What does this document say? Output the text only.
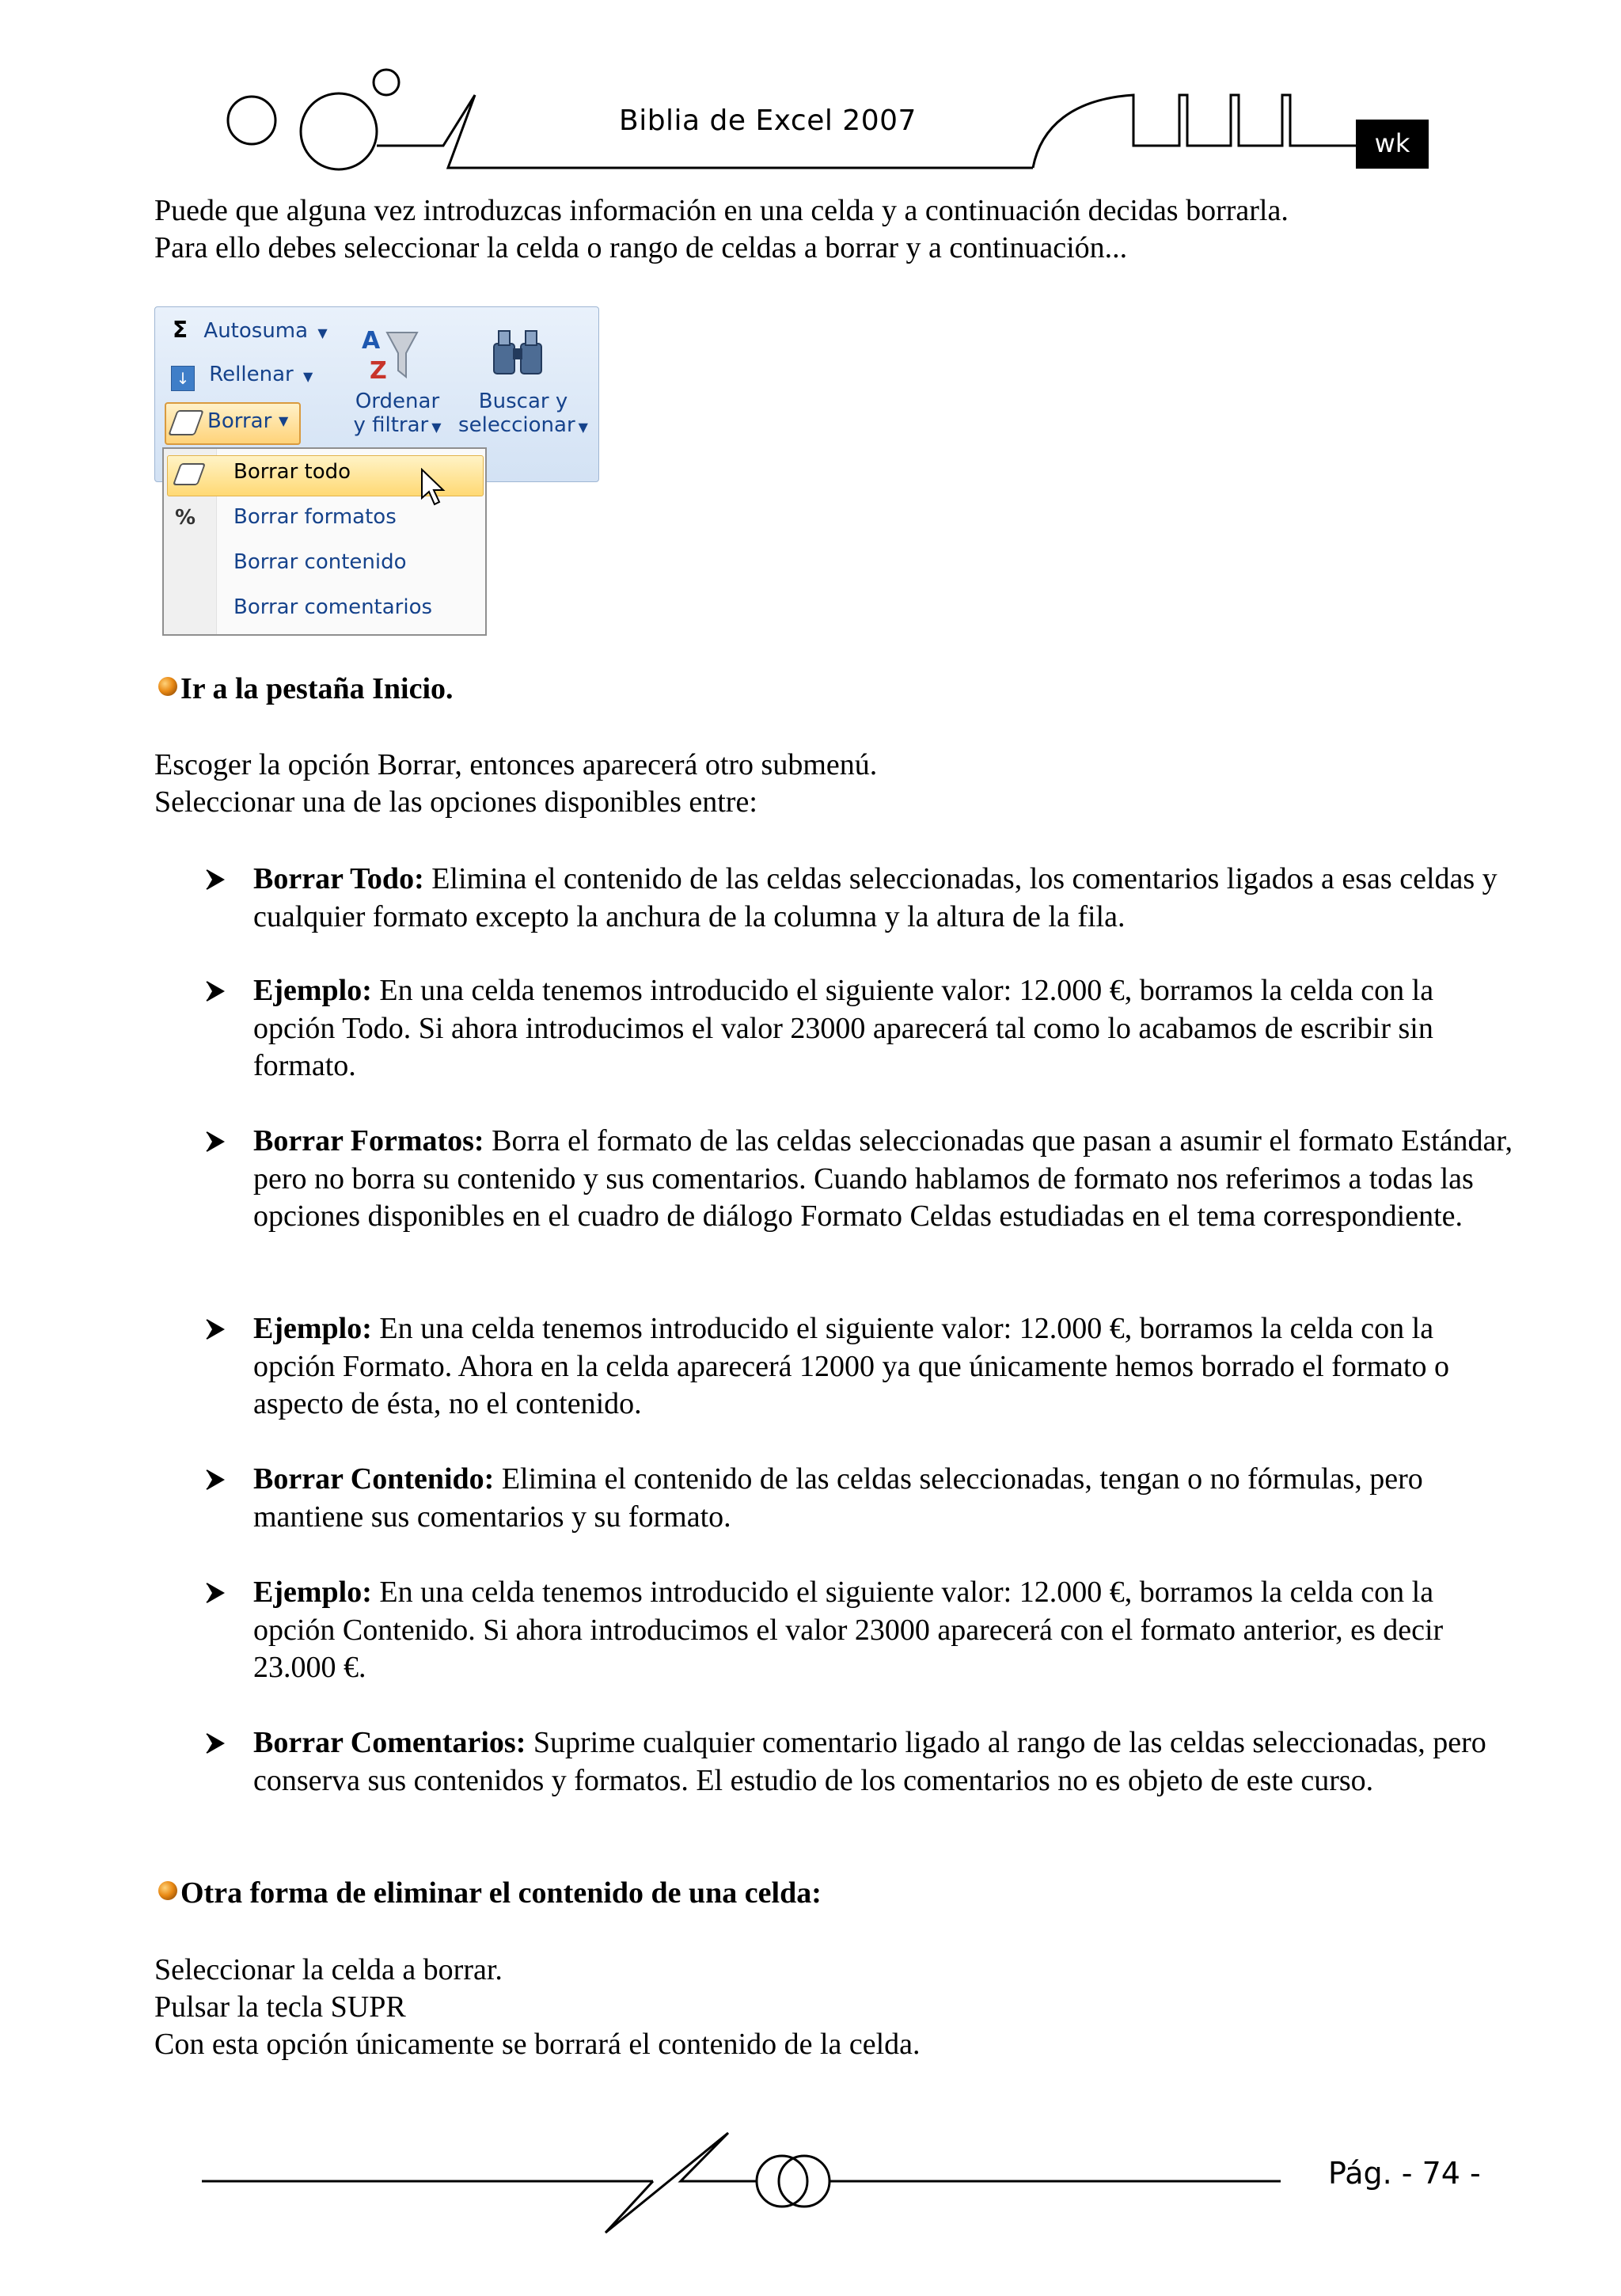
Biblia de Excel 2007
wk
Puede que alguna vez introduzcas información en una celda y a continuación decidas borrarla.
Para ello debes seleccionar la celda o rango de celdas a borrar y a continuación...
Σ Autosuma ▼
↓ Rellenar ▼
Borrar ▼
A
Z
Ordenar
y filtrar ▼
Buscar y
seleccionar ▼
%
Borrar todo
Borrar formatos
Borrar contenido
Borrar comentarios
Ir a la pestaña Inicio.
Escoger la opción Borrar, entonces aparecerá otro submenú.
Seleccionar una de las opciones disponibles entre:
Borrar Todo: Elimina el contenido de las celdas seleccionadas, los comentarios ligados a esas celdas y cualquier formato excepto la anchura de la columna y la altura de la fila.
Ejemplo: En una celda tenemos introducido el siguiente valor: 12.000 €, borramos la celda con la opción Todo. Si ahora introducimos el valor 23000 aparecerá tal como lo acabamos de escribir sin formato.
Borrar Formatos: Borra el formato de las celdas seleccionadas que pasan a asumir el formato Estándar, pero no borra su contenido y sus comentarios. Cuando hablamos de formato nos referimos a todas las opciones disponibles en el cuadro de diálogo Formato Celdas estudiadas en el tema correspondiente.
Ejemplo: En una celda tenemos introducido el siguiente valor: 12.000 €, borramos la celda con la opción Formato. Ahora en la celda aparecerá 12000 ya que únicamente hemos borrado el formato o aspecto de ésta, no el contenido.
Borrar Contenido: Elimina el contenido de las celdas seleccionadas, tengan o no fórmulas, pero mantiene sus comentarios y su formato.
Ejemplo: En una celda tenemos introducido el siguiente valor: 12.000 €, borramos la celda con la opción Contenido. Si ahora introducimos el valor 23000 aparecerá con el formato anterior, es decir 23.000 €.
Borrar Comentarios: Suprime cualquier comentario ligado al rango de las celdas seleccionadas, pero conserva sus contenidos y formatos. El estudio de los comentarios no es objeto de este curso.
Otra forma de eliminar el contenido de una celda:
Seleccionar la celda a borrar.
Pulsar la tecla SUPR
Con esta opción únicamente se borrará el contenido de la celda.
Pág. - 74 -
